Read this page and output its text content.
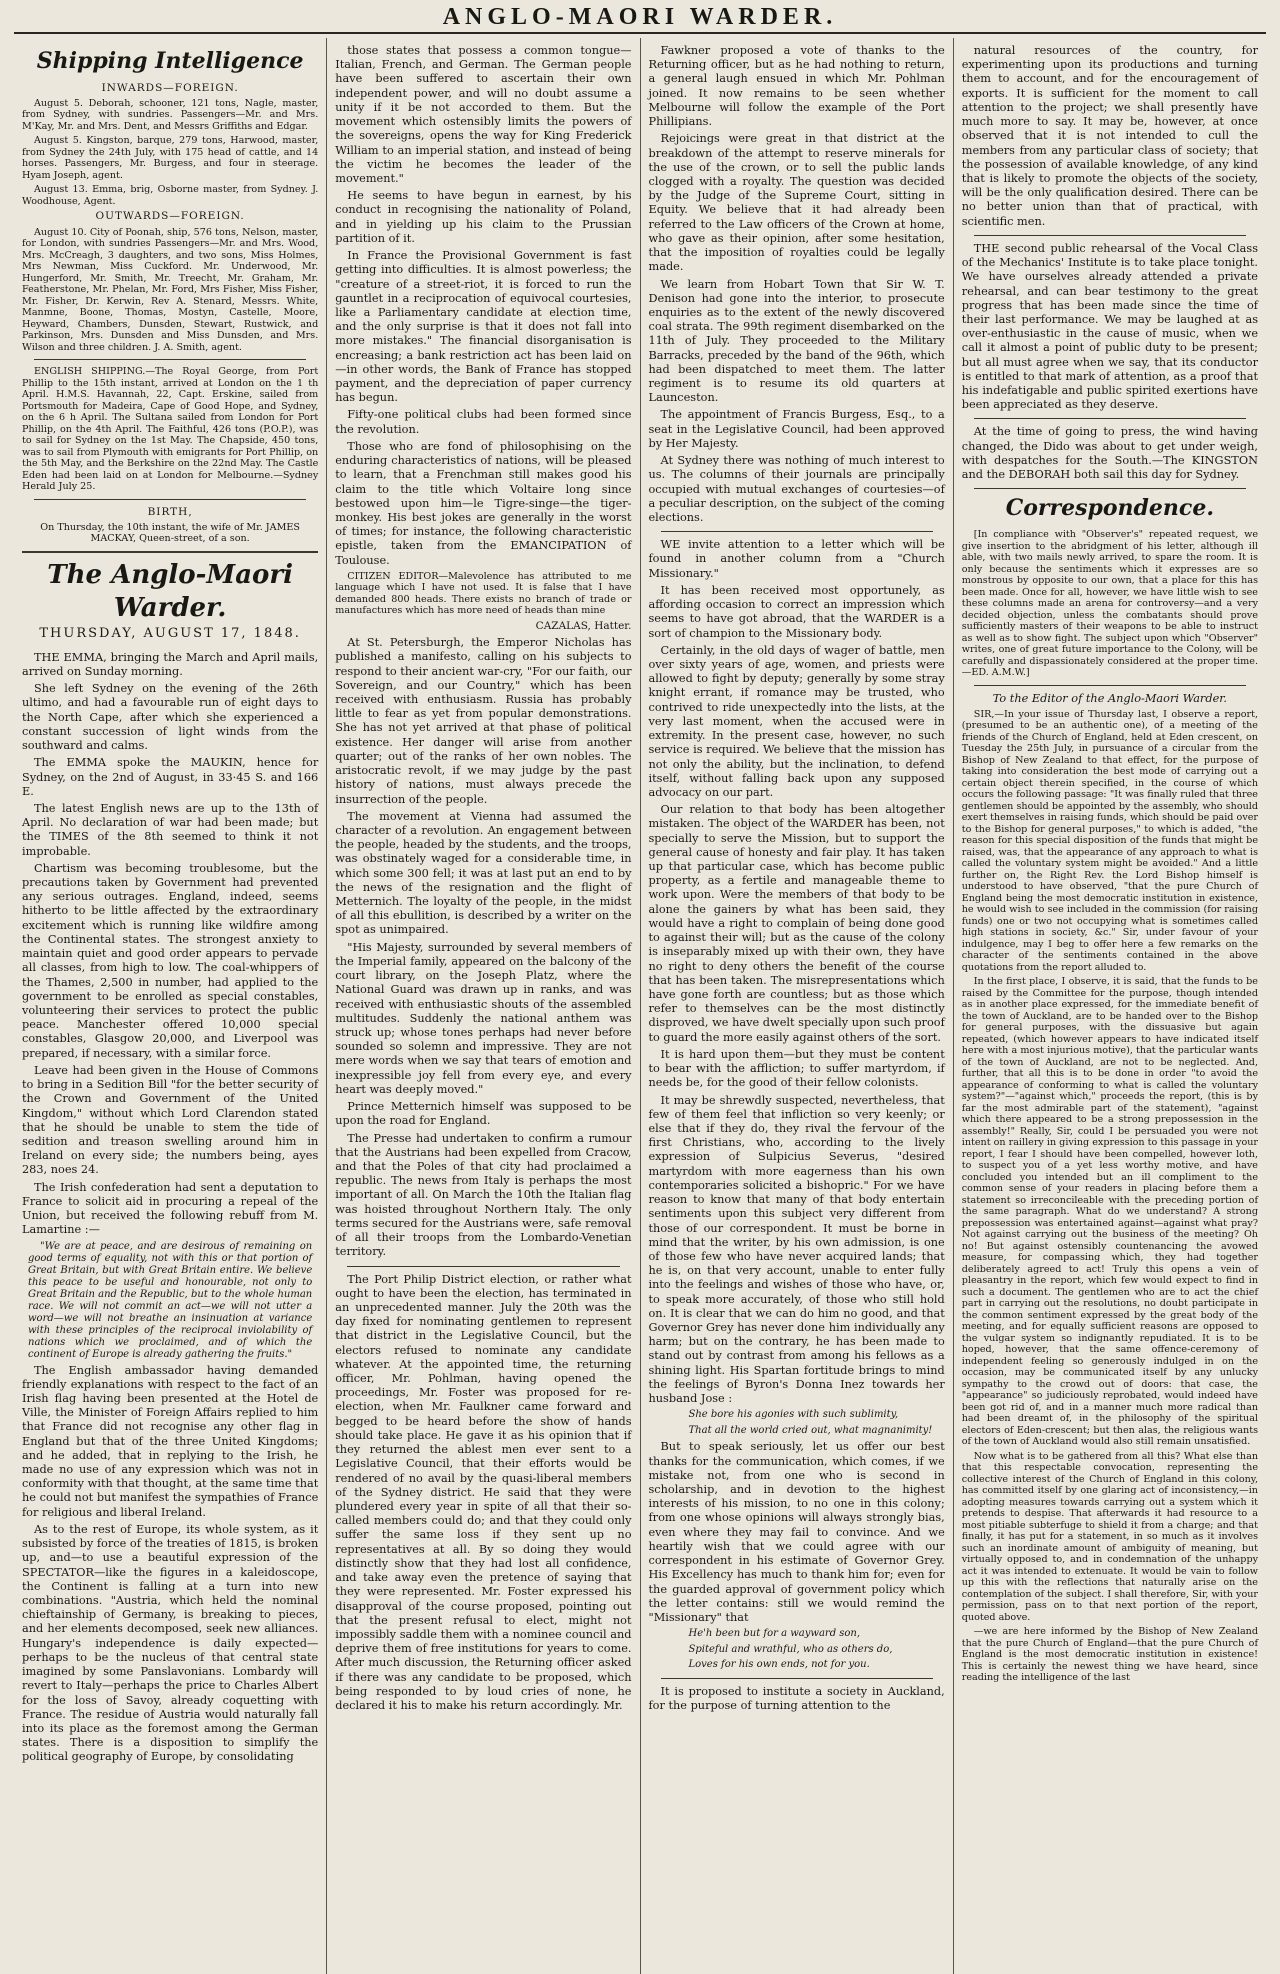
ANGLO-MAORI WARDER.

Shipping Intelligence

INWARDS—FOREIGN.

August 5. Deborah, schooner, 121 tons, Nagle, master, from Sydney, with sundries. Passengers—Mr. and Mrs. M'Kay, Mr. and Mrs. Dent, and Messrs Griffiths and Edgar.

August 5. Kingston, barque, 279 tons, Harwood, master, from Sydney the 24th July, with 175 head of cattle, and 14 horses. Passengers, Mr. Burgess, and four in steerage. Hyam Joseph, agent.

August 13. Emma, brig, Osborne master, from Sydney. J. Woodhouse, Agent.

OUTWARDS—FOREIGN.

August 10. City of Poonah, ship, 576 tons, Nelson, master, for London, with sundries Passengers—Mr. and Mrs. Wood, Mrs. McCreagh, 3 daughters, and two sons, Miss Holmes, Mrs Newman, Miss Cuckford. Mr. Underwood, Mr. Hungerford, Mr. Smith, Mr. Treecht, Mr. Graham, Mr. Featherstone, Mr. Phelan, Mr. Ford, Mrs Fisher, Miss Fisher, Mr. Fisher, Dr. Kerwin, Rev A. Stenard, Messrs. White, Manmne, Boone, Thomas, Mostyn, Castelle, Moore, Heyward, Chambers, Dunsden, Stewart, Rustwick, and Parkinson, Mrs. Dunsden and Miss Dunsden, and Mrs. Wilson and three children. J. A. Smith, agent.

ENGLISH SHIPPING.—The Royal George, from Port Phillip to the 15th instant, arrived at London on the 1 th April. H.M.S. Havannah, 22, Capt. Erskine, sailed from Portsmouth for Madeira, Cape of Good Hope, and Sydney, on the 6 h April. The Sultana sailed from London for Port Phillip, on the 4th April. The Faithful, 426 tons (P.O.P.), was to sail for Sydney on the 1st May. The Chapside, 450 tons, was to sail from Plymouth with emigrants for Port Phillip, on the 5th May, and the Berkshire on the 22nd May. The Castle Eden had been laid on at London for Melbourne.—Sydney Herald July 25.

BIRTH,

On Thursday, the 10th instant, the wife of Mr. JAMES MACKAY, Queen-street, of a son.

The Anglo-Maori Warder.

THURSDAY, AUGUST 17, 1848.

THE EMMA, bringing the March and April mails, arrived on Sunday morning.

She left Sydney on the evening of the 26th ultimo, and had a favourable run of eight days to the North Cape, after which she experienced a constant succession of light winds from the southward and calms.

The EMMA spoke the MAUKIN, hence for Sydney, on the 2nd of August, in 33·45 S. and 166 E.

The latest English news are up to the 13th of April. No declaration of war had been made; but the TIMES of the 8th seemed to think it not improbable.

Chartism was becoming troublesome, but the precautions taken by Government had prevented any serious outrages. England, indeed, seems hitherto to be little affected by the extraordinary excitement which is running like wildfire among the Continental states. The strongest anxiety to maintain quiet and good order appears to pervade all classes, from high to low. The coal-whippers of the Thames, 2,500 in number, had applied to the government to be enrolled as special constables, volunteering their services to protect the public peace. Manchester offered 10,000 special constables, Glasgow 20,000, and Liverpool was prepared, if necessary, with a similar force.

Leave had been given in the House of Commons to bring in a Sedition Bill "for the better security of the Crown and Government of the United Kingdom," without which Lord Clarendon stated that he should be unable to stem the tide of sedition and treason swelling around him in Ireland on every side; the numbers being, ayes 283, noes 24.

The Irish confederation had sent a deputation to France to solicit aid in procuring a repeal of the Union, but received the following rebuff from M. Lamartine :—

"We are at peace, and are desirous of remaining on good terms of equality, not with this or that portion of Great Britain, but with Great Britain entire. We believe this peace to be useful and honourable, not only to Great Britain and the Republic, but to the whole human race. We will not commit an act—we will not utter a word—we will not breathe an insinuation at variance with these principles of the reciprocal inviolability of nations which we proclaimed, and of which the continent of Europe is already gathering the fruits."

The English ambassador having demanded friendly explanations with respect to the fact of an Irish flag having been presented at the Hotel de Ville, the Minister of Foreign Affairs replied to him that France did not recognise any other flag in England but that of the three United Kingdoms; and he added, that in replying to the Irish, he made no use of any expression which was not in conformity with that thought, at the same time that he could not but manifest the sympathies of France for religious and liberal Ireland.

As to the rest of Europe, its whole system, as it subsisted by force of the treaties of 1815, is broken up, and—to use a beautiful expression of the SPECTATOR—like the figures in a kaleidoscope, the Continent is falling at a turn into new combinations. "Austria, which held the nominal chieftainship of Germany, is breaking to pieces, and her elements decomposed, seek new alliances. Hungary's independence is daily expected—perhaps to be the nucleus of that central state imagined by some Panslavonians. Lombardy will revert to Italy—perhaps the price to Charles Albert for the loss of Savoy, already coquetting with France. The residue of Austria would naturally fall into its place as the foremost among the German states. There is a disposition to simplify the political geography of Europe, by consolidating

those states that possess a common tongue—Italian, French, and German. The German people have been suffered to ascertain their own independent power, and will no doubt assume a unity if it be not accorded to them. But the movement which ostensibly limits the powers of the sovereigns, opens the way for King Frederick William to an imperial station, and instead of being the victim he becomes the leader of the movement."

He seems to have begun in earnest, by his conduct in recognising the nationality of Poland, and in yielding up his claim to the Prussian partition of it.

In France the Provisional Government is fast getting into difficulties. It is almost powerless; the "creature of a street-riot, it is forced to run the gauntlet in a reciprocation of equivocal courtesies, like a Parliamentary candidate at election time, and the only surprise is that it does not fall into more mistakes." The financial disorganisation is encreasing; a bank restriction act has been laid on—in other words, the Bank of France has stopped payment, and the depreciation of paper currency has begun.

Fifty-one political clubs had been formed since the revolution.

Those who are fond of philosophising on the enduring characteristics of nations, will be pleased to learn, that a Frenchman still makes good his claim to the title which Voltaire long since bestowed upon him—le Tigre-singe—the tiger-monkey. His best jokes are generally in the worst of times; for instance, the following characteristic epistle, taken from the EMANCIPATION of Toulouse.

CITIZEN EDITOR—Malevolence has attributed to me language which I have not used. It is false that I have demanded 800 heads. There exists no branch of trade or manufactures which has more need of heads than mine

CAZALAS, Hatter.

At St. Petersburgh, the Emperor Nicholas has published a manifesto, calling on his subjects to respond to their ancient war-cry, "For our faith, our Sovereign, and our Country," which has been received with enthusiasm. Russia has probably little to fear as yet from popular demonstrations. She has not yet arrived at that phase of political existence. Her danger will arise from another quarter; out of the ranks of her own nobles. The aristocratic revolt, if we may judge by the past history of nations, must always precede the insurrection of the people.

The movement at Vienna had assumed the character of a revolution. An engagement between the people, headed by the students, and the troops, was obstinately waged for a considerable time, in which some 300 fell; it was at last put an end to by the news of the resignation and the flight of Metternich. The loyalty of the people, in the midst of all this ebullition, is described by a writer on the spot as unimpaired.

"His Majesty, surrounded by several members of the Imperial family, appeared on the balcony of the court library, on the Joseph Platz, where the National Guard was drawn up in ranks, and was received with enthusiastic shouts of the assembled multitudes. Suddenly the national anthem was struck up; whose tones perhaps had never before sounded so solemn and impressive. They are not mere words when we say that tears of emotion and inexpressible joy fell from every eye, and every heart was deeply moved."

Prince Metternich himself was supposed to be upon the road for England.

The Presse had undertaken to confirm a rumour that the Austrians had been expelled from Cracow, and that the Poles of that city had proclaimed a republic. The news from Italy is perhaps the most important of all. On March the 10th the Italian flag was hoisted throughout Northern Italy. The only terms secured for the Austrians were, safe removal of all their troops from the Lombardo-Venetian territory.

The Port Philip District election, or rather what ought to have been the election, has terminated in an unprecedented manner. July the 20th was the day fixed for nominating gentlemen to represent that district in the Legislative Council, but the electors refused to nominate any candidate whatever. At the appointed time, the returning officer, Mr. Pohlman, having opened the proceedings, Mr. Foster was proposed for re-election, when Mr. Faulkner came forward and begged to be heard before the show of hands should take place. He gave it as his opinion that if they returned the ablest men ever sent to a Legislative Council, that their efforts would be rendered of no avail by the quasi-liberal members of the Sydney district. He said that they were plundered every year in spite of all that their so-called members could do; and that they could only suffer the same loss if they sent up no representatives at all. By so doing they would distinctly show that they had lost all confidence, and take away even the pretence of saying that they were represented. Mr. Foster expressed his disapproval of the course proposed, pointing out that the present refusal to elect, might not impossibly saddle them with a nominee council and deprive them of free institutions for years to come. After much discussion, the Returning officer asked if there was any candidate to be proposed, which being responded to by loud cries of none, he declared it his to make his return accordingly. Mr.

Fawkner proposed a vote of thanks to the Returning officer, but as he had nothing to return, a general laugh ensued in which Mr. Pohlman joined. It now remains to be seen whether Melbourne will follow the example of the Port Phillipians.

Rejoicings were great in that district at the breakdown of the attempt to reserve minerals for the use of the crown, or to sell the public lands clogged with a royalty. The question was decided by the Judge of the Supreme Court, sitting in Equity. We believe that it had already been referred to the Law officers of the Crown at home, who gave as their opinion, after some hesitation, that the imposition of royalties could be legally made.

We learn from Hobart Town that Sir W. T. Denison had gone into the interior, to prosecute enquiries as to the extent of the newly discovered coal strata. The 99th regiment disembarked on the 11th of July. They proceeded to the Military Barracks, preceded by the band of the 96th, which had been dispatched to meet them. The latter regiment is to resume its old quarters at Launceston.

The appointment of Francis Burgess, Esq., to a seat in the Legislative Council, had been approved by Her Majesty.

At Sydney there was nothing of much interest to us. The columns of their journals are principally occupied with mutual exchanges of courtesies—of a peculiar description, on the subject of the coming elections.

WE invite attention to a letter which will be found in another column from a "Church Missionary."

It has been received most opportunely, as affording occasion to correct an impression which seems to have got abroad, that the WARDER is a sort of champion to the Missionary body.

Certainly, in the old days of wager of battle, men over sixty years of age, women, and priests were allowed to fight by deputy; generally by some stray knight errant, if romance may be trusted, who contrived to ride unexpectedly into the lists, at the very last moment, when the accused were in extremity. In the present case, however, no such service is required. We believe that the mission has not only the ability, but the inclination, to defend itself, without falling back upon any supposed advocacy on our part.

Our relation to that body has been altogether mistaken. The object of the WARDER has been, not specially to serve the Mission, but to support the general cause of honesty and fair play. It has taken up that particular case, which has become public property, as a fertile and manageable theme to work upon. Were the members of that body to be alone the gainers by what has been said, they would have a right to complain of being done good to against their will; but as the cause of the colony is inseparably mixed up with their own, they have no right to deny others the benefit of the course that has been taken. The misrepresentations which have gone forth are countless; but as those which refer to themselves can be the most distinctly disproved, we have dwelt specially upon such proof to guard the more easily against others of the sort.

It is hard upon them—but they must be content to bear with the affliction; to suffer martyrdom, if needs be, for the good of their fellow colonists.

It may be shrewdly suspected, nevertheless, that few of them feel that infliction so very keenly; or else that if they do, they rival the fervour of the first Christians, who, according to the lively expression of Sulpicius Severus, "desired martyrdom with more eagerness than his own contemporaries solicited a bishopric." For we have reason to know that many of that body entertain sentiments upon this subject very different from those of our correspondent. It must be borne in mind that the writer, by his own admission, is one of those few who have never acquired lands; that he is, on that very account, unable to enter fully into the feelings and wishes of those who have, or, to speak more accurately, of those who still hold on. It is clear that we can do him no good, and that Governor Grey has never done him individually any harm; but on the contrary, he has been made to stand out by contrast from among his fellows as a shining light. His Spartan fortitude brings to mind the feelings of Byron's Donna Inez towards her husband Jose :

She bore his agonies with such sublimity,

That all the world cried out, what magnanimity!

But to speak seriously, let us offer our best thanks for the communication, which comes, if we mistake not, from one who is second in scholarship, and in devotion to the highest interests of his mission, to no one in this colony; from one whose opinions will always strongly bias, even where they may fail to convince. And we heartily wish that we could agree with our correspondent in his estimate of Governor Grey. His Excellency has much to thank him for; even for the guarded approval of government policy which the letter contains: still we would remind the "Missionary" that

He'h been but for a wayward son,

Spiteful and wrathful, who as others do,

Loves for his own ends, not for you.

It is proposed to institute a society in Auckland, for the purpose of turning attention to the

natural resources of the country, for experimenting upon its productions and turning them to account, and for the encouragement of exports. It is sufficient for the moment to call attention to the project; we shall presently have much more to say. It may be, however, at once observed that it is not intended to cull the members from any particular class of society; that the possession of available knowledge, of any kind that is likely to promote the objects of the society, will be the only qualification desired. There can be no better union than that of practical, with scientific men.

THE second public rehearsal of the Vocal Class of the Mechanics' Institute is to take place tonight. We have ourselves already attended a private rehearsal, and can bear testimony to the great progress that has been made since the time of their last performance. We may be laughed at as over-enthusiastic in the cause of music, when we call it almost a point of public duty to be present; but all must agree when we say, that its conductor is entitled to that mark of attention, as a proof that his indefatigable and public spirited exertions have been appreciated as they deserve.

At the time of going to press, the wind having changed, the Dido was about to get under weigh, with despatches for the South.—The KINGSTON and the DEBORAH both sail this day for Sydney.

Correspondence.

[In compliance with "Observer's" repeated request, we give insertion to the abridgment of his letter, although ill able, with two mails newly arrived, to spare the room. It is only because the sentiments which it expresses are so monstrous by opposite to our own, that a place for this has been made. Once for all, however, we have little wish to see these columns made an arena for controversy—and a very decided objection, unless the combatants should prove sufficiently masters of their weapons to be able to instruct as well as to show fight. The subject upon which "Observer" writes, one of great future importance to the Colony, will be carefully and dispassionately considered at the proper time.—ED. A.M.W.]

To the Editor of the Anglo-Maori Warder.

SIR,—In your issue of Thursday last, I observe a report, (presumed to be an authentic one), of a meeting of the friends of the Church of England, held at Eden crescent, on Tuesday the 25th July, in pursuance of a circular from the Bishop of New Zealand to that effect, for the purpose of taking into consideration the best mode of carrying out a certain object therein specified, in the course of which occurs the following passage: "It was finally ruled that three gentlemen should be appointed by the assembly, who should exert themselves in raising funds, which should be paid over to the Bishop for general purposes," to which is added, "the reason for this special disposition of the funds that might be raised, was, that the appearance of any approach to what is called the voluntary system might be avoided." And a little further on, the Right Rev. the Lord Bishop himself is understood to have observed, "that the pure Church of England being the most democratic institution in existence, he would wish to see included in the commission (for raising funds) one or two not occupying what is sometimes called high stations in society, &c." Sir, under favour of your indulgence, may I beg to offer here a few remarks on the character of the sentiments contained in the above quotations from the report alluded to.

In the first place, I observe, it is said, that the funds to be raised by the Committee for the purpose, though intended as in another place expressed, for the immediate benefit of the town of Auckland, are to be handed over to the Bishop for general purposes, with the dissuasive but again repeated, (which however appears to have indicated itself here with a most injurious motive), that the particular wants of the town of Auckland, are not to be neglected. And, further, that all this is to be done in order "to avoid the appearance of conforming to what is called the voluntary system?"—"against which," proceeds the report, (this is by far the most admirable part of the statement), "against which there appeared to be a strong prepossession in the assembly!" Really, Sir, could I be persuaded you were not intent on raillery in giving expression to this passage in your report, I fear I should have been compelled, however loth, to suspect you of a yet less worthy motive, and have concluded you intended but an ill compliment to the common sense of your readers in placing before them a statement so irreconcileable with the preceding portion of the same paragraph. What do we understand? A strong prepossession was entertained against—against what pray? Not against carrying out the business of the meeting? Oh no! But against ostensibly countenancing the avowed measure, for compassing which, they had together deliberately agreed to act! Truly this opens a vein of pleasantry in the report, which few would expect to find in such a document. The gentlemen who are to act the chief part in carrying out the resolutions, no doubt participate in the common sentiment expressed by the great body of the meeting, and for equally sufficient reasons are opposed to the vulgar system so indignantly repudiated. It is to be hoped, however, that the same offence-ceremony of independent feeling so generously indulged in on the occasion, may be communicated itself by any unlucky sympathy to the crowd out of doors: that case, the "appearance" so judiciously reprobated, would indeed have been got rid of, and in a manner much more radical than had been dreamt of, in the philosophy of the spiritual electors of Eden-crescent; but then alas, the religious wants of the town of Auckland would also still remain unsatisfied.

Now what is to be gathered from all this? What else than that this respectable convocation, representing the collective interest of the Church of England in this colony, has committed itself by one glaring act of inconsistency,—in adopting measures towards carrying out a system which it pretends to despise. That afterwards it had resource to a most pitiable subterfuge to shield it from a charge; and that finally, it has put for a statement, in so much as it involves such an inordinate amount of ambiguity of meaning, but virtually opposed to, and in condemnation of the unhappy act it was intended to extenuate. It would be vain to follow up this with the reflections that naturally arise on the contemplation of the subject. I shall therefore, Sir, with your permission, pass on to that next portion of the report, quoted above.

—we are here informed by the Bishop of New Zealand that the pure Church of England—that the pure Church of England is the most democratic institution in existence! This is certainly the newest thing we have heard, since reading the intelligence of the last
